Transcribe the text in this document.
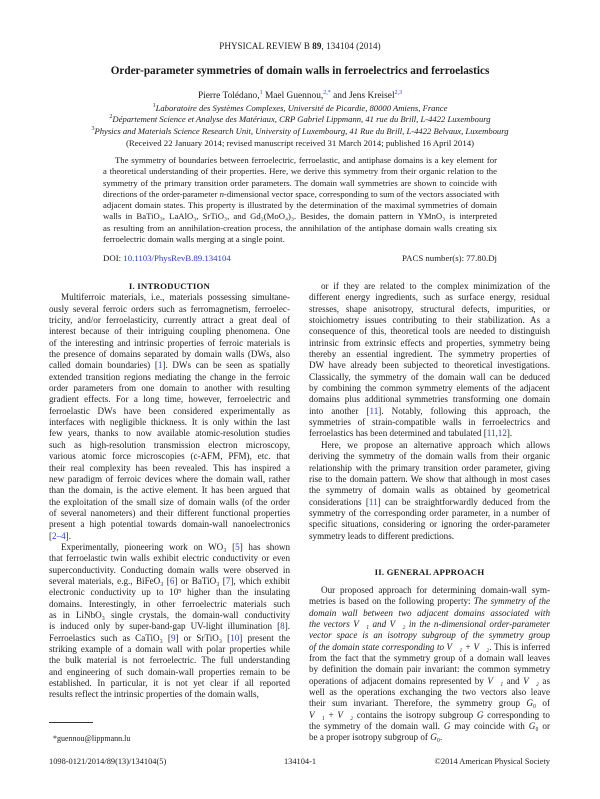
PHYSICAL REVIEW B 89, 134104 (2014)
Order-parameter symmetries of domain walls in ferroelectrics and ferroelastics
Pierre Tolédano,$^1$ Mael Guennou,$^{2,*}$ and Jens Kreisel$^{2,3}$
$^1$Laboratoire des Systèmes Complexes, Université de Picardie, 80000 Amiens, France
$^2$Département Science et Analyse des Matériaux, CRP Gabriel Lippmann, 41 rue du Brill, L-4422 Luxembourg
$^3$Physics and Materials Science Research Unit, University of Luxembourg, 41 Rue du Brill, L-4422 Belvaux, Luxembourg
(Received 22 January 2014; revised manuscript received 31 March 2014; published 16 April 2014)
The symmetry of boundaries between ferroelectric, ferroelastic, and antiphase domains is a key element for
a theoretical understanding of their properties. Here, we derive this symmetry from their organic relation to the
symmetry of the primary transition order parameters. The domain wall symmetries are shown to coincide with
directions of the order-parameter n-dimensional vector space, corresponding to sum of the vectors associated with
adjacent domain states. This property is illustrated by the determination of the maximal symmetries of domain
walls in BaTiO₃, LaAlO₃, SrTiO₃, and Gd₂(MoO₄)₃. Besides, the domain pattern in YMnO₃ is interpreted
as resulting from an annihilation-creation process, the annihilation of the antiphase domain walls creating six
ferroelectric domain walls merging at a single point.
DOI: 10.1103/PhysRevB.89.134104	PACS number(s): 77.80.Dj
I. INTRODUCTION
Multiferroic materials, i.e., materials possessing simultane-
ously several ferroic orders such as ferromagnetism, ferroelec-
tricity, and/or ferroelasticity, currently attract a great deal of
interest because of their intriguing coupling phenomena. One
of the interesting and intrinsic properties of ferroic materials is
the presence of domains separated by domain walls (DWs, also
called domain boundaries) [1]. DWs can be seen as spatially
extended transition regions mediating the change in the ferroic
order parameters from one domain to another with resulting
gradient effects. For a long time, however, ferroelectric and
ferroelastic DWs have been considered experimentally as
interfaces with negligible thickness. It is only within the last
few years, thanks to now available atomic-resolution studies
such as high-resolution transmission electron microscopy,
various atomic force microscopies (c-AFM, PFM), etc. that
their real complexity has been revealed. This has inspired a
new paradigm of ferroic devices where the domain wall, rather
than the domain, is the active element. It has been argued that
the exploitation of the small size of domain walls (of the order
of several nanometers) and their different functional properties
present a high potential towards domain-wall nanoelectronics
[2–4].
Experimentally, pioneering work on WO₃ [5] has shown
that ferroelastic twin walls exhibit electric conductivity or even
superconductivity. Conducting domain walls were observed in
several materials, e.g., BiFeO₃ [6] or BaTiO₃ [7], which exhibit
electronic conductivity up to 10⁹ higher than the insulating
domains. Interestingly, in other ferroelectric materials such
as in LiNbO₃ single crystals, the domain-wall conductivity
is induced only by super-band-gap UV-light illumination [8].
Ferroelastics such as CaTiO₃ [9] or SrTiO₃ [10] present the
striking example of a domain wall with polar properties while
the bulk material is not ferroelectric. The full understanding
and engineering of such domain-wall properties remain to be
established. In particular, it is not yet clear if all reported
results reflect the intrinsic properties of the domain walls,
or if they are related to the complex minimization of the
different energy ingredients, such as surface energy, residual
stresses, shape anisotropy, structural defects, impurities, or
stoichiometry issues contributing to their stabilization. As a
consequence of this, theoretical tools are needed to distinguish
intrinsic from extrinsic effects and properties, symmetry being
thereby an essential ingredient. The symmetry properties of
DW have already been subjected to theoretical investigations.
Classically, the symmetry of the domain wall can be deduced
by combining the common symmetry elements of the adjacent
domains plus additional symmetries transforming one domain
into another [11]. Notably, following this approach, the
symmetries of strain-compatible walls in ferroelectrics and
ferroelastics has been determined and tabulated [11,12].
Here, we propose an alternative approach which allows
deriving the symmetry of the domain walls from their organic
relationship with the primary transition order parameter, giving
rise to the domain pattern. We show that although in most cases
the symmetry of domain walls as obtained by geometrical
considerations [11] can be straightforwardly deduced from the
symmetry of the corresponding order parameter, in a number of
specific situations, considering or ignoring the order-parameter
symmetry leads to different predictions.
II. GENERAL APPROACH
Our proposed approach for determining domain-wall sym-
metries is based on the following property: The symmetry of the
domain wall between two adjacent domains associated with
the vectors V⃗₁ and V⃗₂ in the n-dimensional order-parameter
vector space is an isotropy subgroup of the symmetry group
of the domain state corresponding to V⃗₁ + V⃗₂. This is inferred
from the fact that the symmetry group of a domain wall leaves
by definition the domain pair invariant: the common symmetry
operations of adjacent domains represented by V⃗₁ and V⃗₂ as
well as the operations exchanging the two vectors also leave
their sum invariant. Therefore, the symmetry group G₀ of
V⃗₁ + V⃗₂ contains the isotropy subgroup G corresponding to
the symmetry of the domain wall. G may coincide with G₀ or
be a proper isotropy subgroup of G₀.
*guennou@lippmann.lu
1098-0121/2014/89(13)/134104(5)	134104-1	©2014 American Physical Society
